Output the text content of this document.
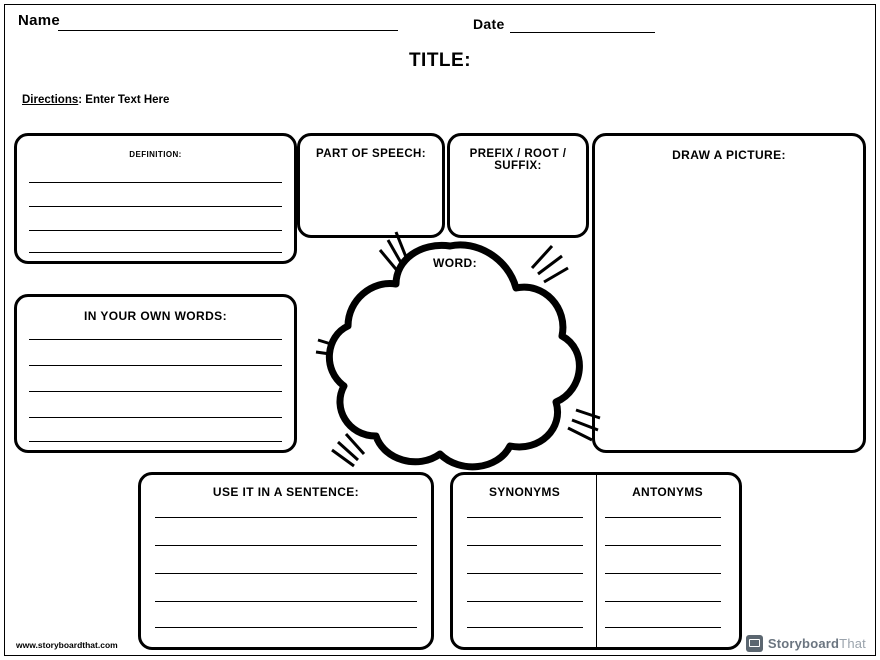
Name	Date
TITLE:
Directions: Enter Text Here
DEFINITION:
IN YOUR OWN WORDS:
PART OF SPEECH:	PREFIX / ROOT / SUFFIX:
DRAW A PICTURE:
USE IT IN A SENTENCE:	SYNONYMS	ANTONYMS
WORD:
www.storyboardthat.com	StoryboardThat
